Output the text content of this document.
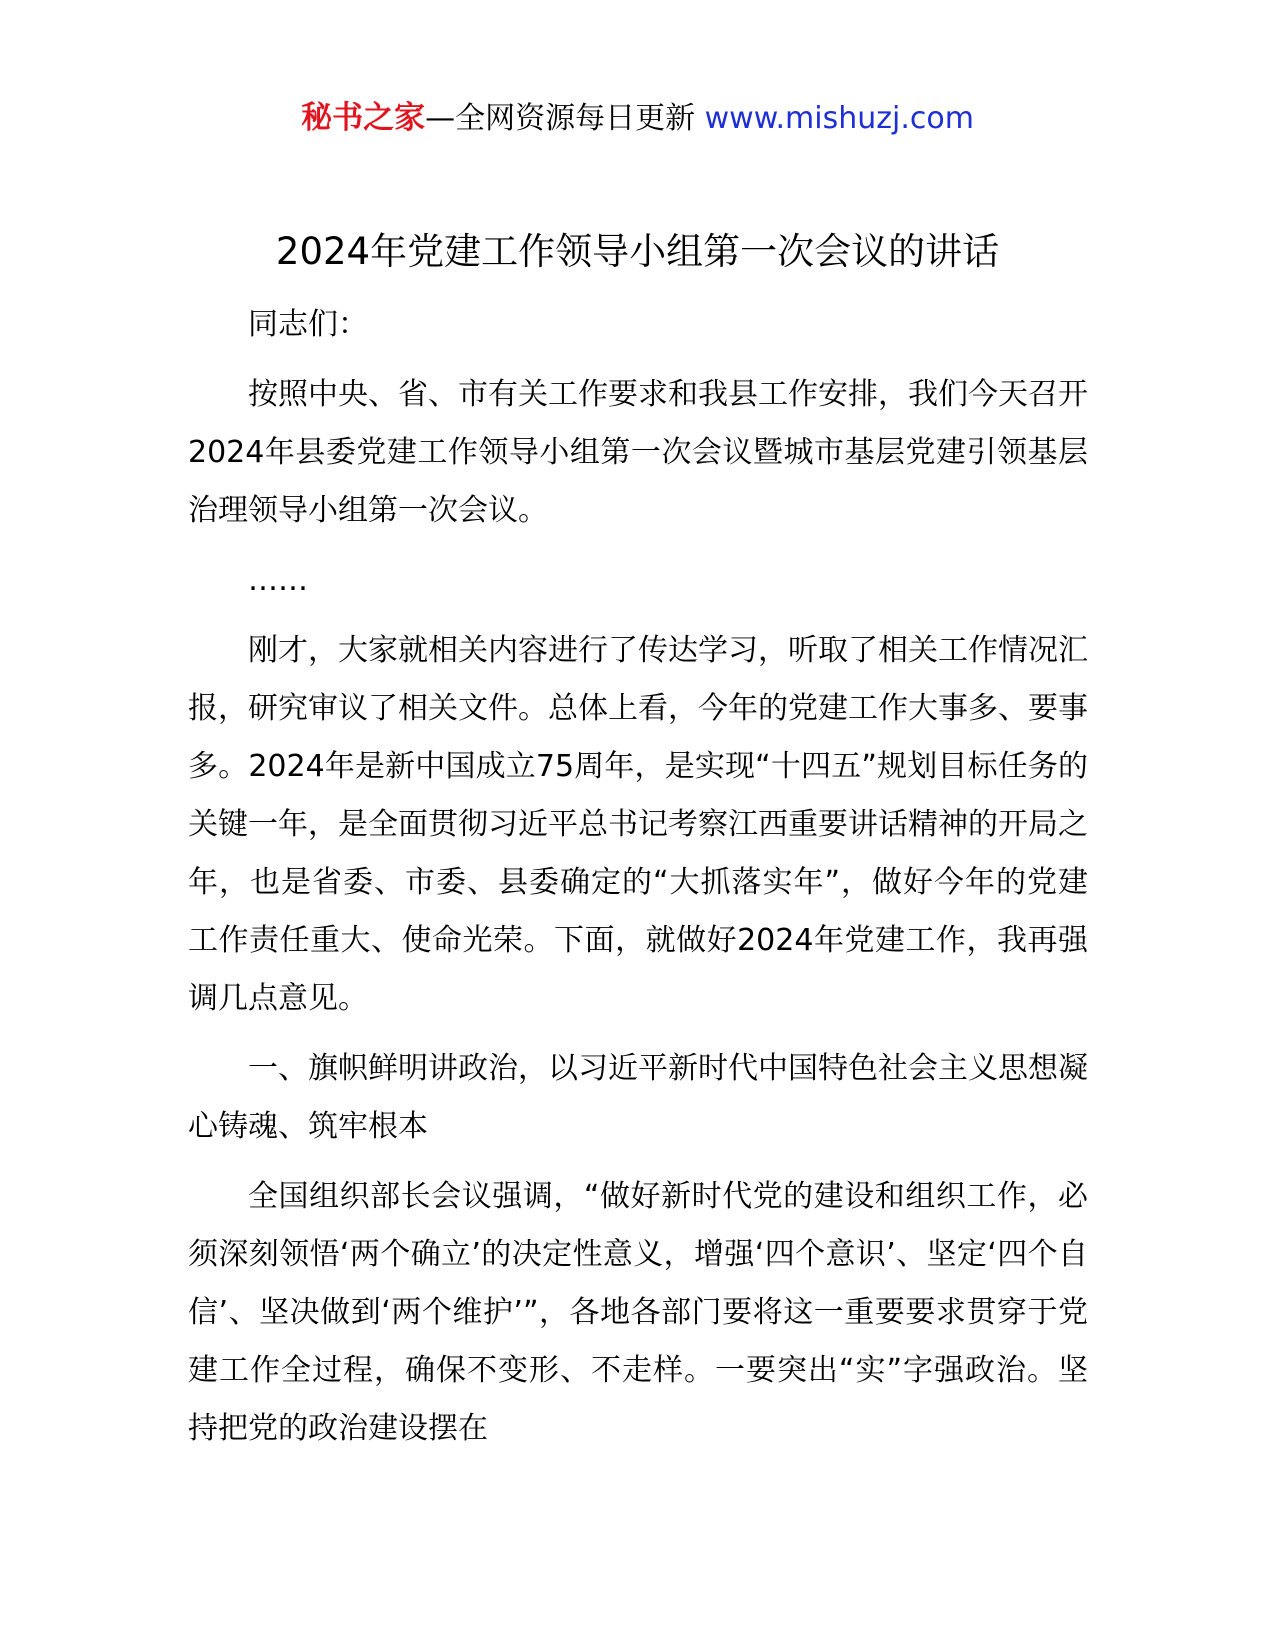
秘书之家—全网资源每日更新 www.mishuzj.com
2024年党建工作领导小组第一次会议的讲话

同志们：

按照中央、省、市有关工作要求和我县工作安排，我们今天召开2024年县委党建工作领导小组第一次会议暨城市基层党建引领基层治理领导小组第一次会议。

……

刚才，大家就相关内容进行了传达学习，听取了相关工作情况汇报，研究审议了相关文件。总体上看，今年的党建工作大事多、要事多。2024年是新中国成立75周年，是实现“十四五”规划目标任务的关键一年，是全面贯彻习近平总书记考察江西重要讲话精神的开局之年，也是省委、市委、县委确定的“大抓落实年”，做好今年的党建工作责任重大、使命光荣。下面，就做好2024年党建工作，我再强调几点意见。

一、旗帜鲜明讲政治，以习近平新时代中国特色社会主义思想凝心铸魂、筑牢根本

全国组织部长会议强调，“做好新时代党的建设和组织工作，必须深刻领悟‘两个确立’的决定性意义，增强‘四个意识’、坚定‘四个自信’、坚决做到‘两个维护’”，各地各部门要将这一重要要求贯穿于党建工作全过程，确保不变形、不走样。一要突出“实”字强政治。坚持把党的政治建设摆在
